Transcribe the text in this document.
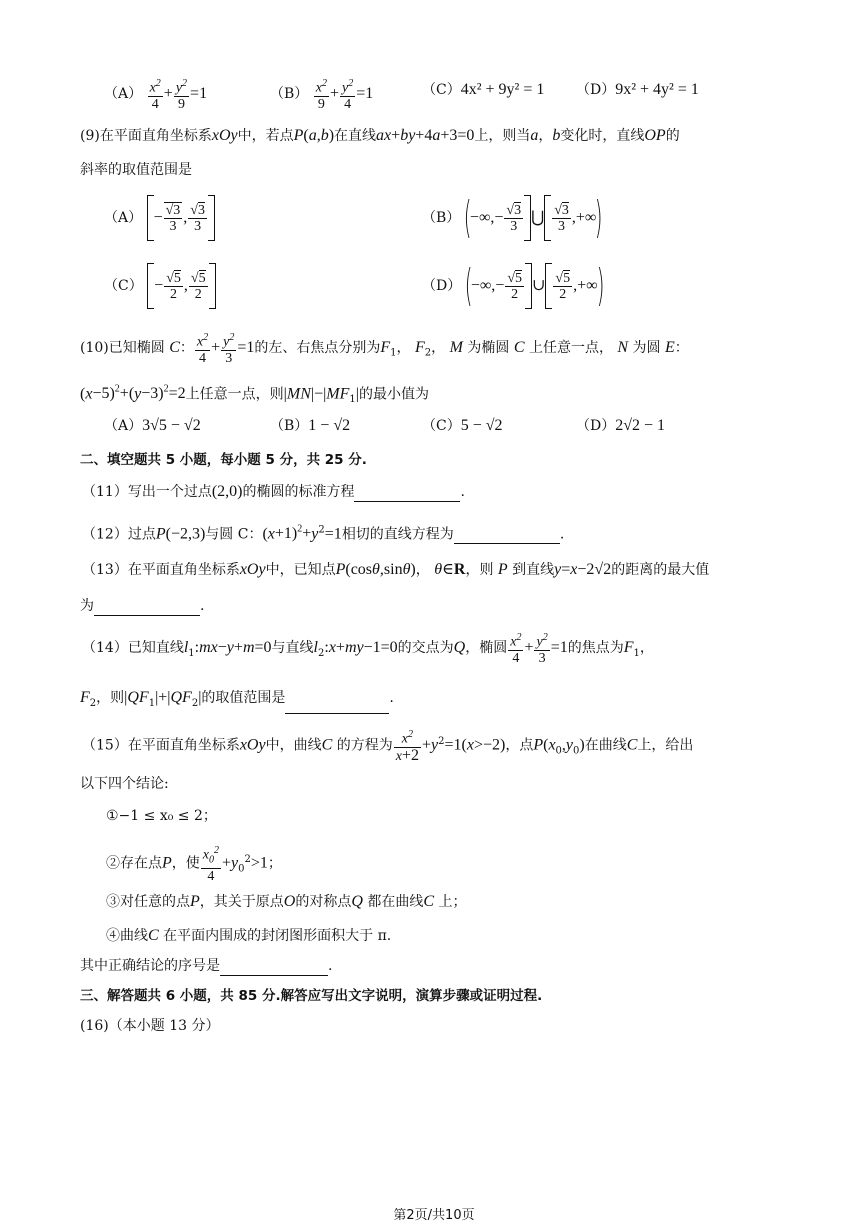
$(A) \frac{x^2}{4} + \frac{y^2}{9} =1$	$(B) \frac{x^2}{9} + \frac{y^2}{4} =1$	（C）4x² + 9y² = 1 （D）9x² + 4y² = 1
(9)在平面直角坐标系xOy中，若点P(a,b)在直线ax+by+4a+3=0上，则当a，b变化时，直线OP的
斜率的取值范围是
$(A) - \frac{√3}{3}$ , $\frac{√3}{3}$	（B） (−∞,− $\frac{√3}{3}$ ⋃ $\frac{√3}{3}$ ,+∞)
$(C) - \frac{√5}{2}$ , $\frac{√5}{2}$	（D） (−∞,− $\frac{√5}{2}$ ∪ $\frac{√5}{2}$ ,+∞)
(10)已知椭圆 C： $\frac{x^2}{4} + \frac{y^2}{3} =1$的左、右焦点分别为$F_1$， $F_2$， M 为椭圆 C 上任意一点， N 为圆 E：
$(x-5)^2+(y-3)^2=2$上任意一点，则$|MN|-|MF_1|$的最小值为
（A）3√5 − √2	（B）1 − √2	（C）5 − √2	（D）2√2 − 1
二、填空题共 5 小题，每小题 5 分，共 25 分.
（11）写出一个过点(2,0)的椭圆的标准方程	.
（12）过点P(−2,3)与圆 C：$(x+1)^2+y^2=1$相切的直线方程为	.
（13）在平面直角坐标系xOy中，已知点P(cosθ,sinθ)， θ∈R，则 P 到直线y=x−2√2的距离的最大值
为	.
（14）已知直线$l_1:mx-y+m=0$与直线$l_2:x+my-1=0$的交点为Q，椭圆 $\frac{x^2}{4} + \frac{y^2}{3} =1$的焦点为$F_1$，
$F_2$，则$|QF_1|+|QF_2|$的取值范围是	.
（15）在平面直角坐标系xOy中，曲线C 的方程为 $\frac{x^2}{x+2} +y^2=1(x>-2)$，点$P(x_0,y_0)$在曲线C上，给出
以下四个结论:
①−1 ≤ x₀ ≤ 2；
②存在点P，使 $\frac{x_0^2}{4} +y_0^2>1$；
③对任意的点P，其关于原点O的对称点Q 都在曲线C 上；
④曲线C 在平面内围成的封闭图形面积大于 π.
其中正确结论的序号是	.
三、解答题共 6 小题，共 85 分.解答应写出文字说明，演算步骤或证明过程.
(16)（本小题 13 分）
第2页/共10页
